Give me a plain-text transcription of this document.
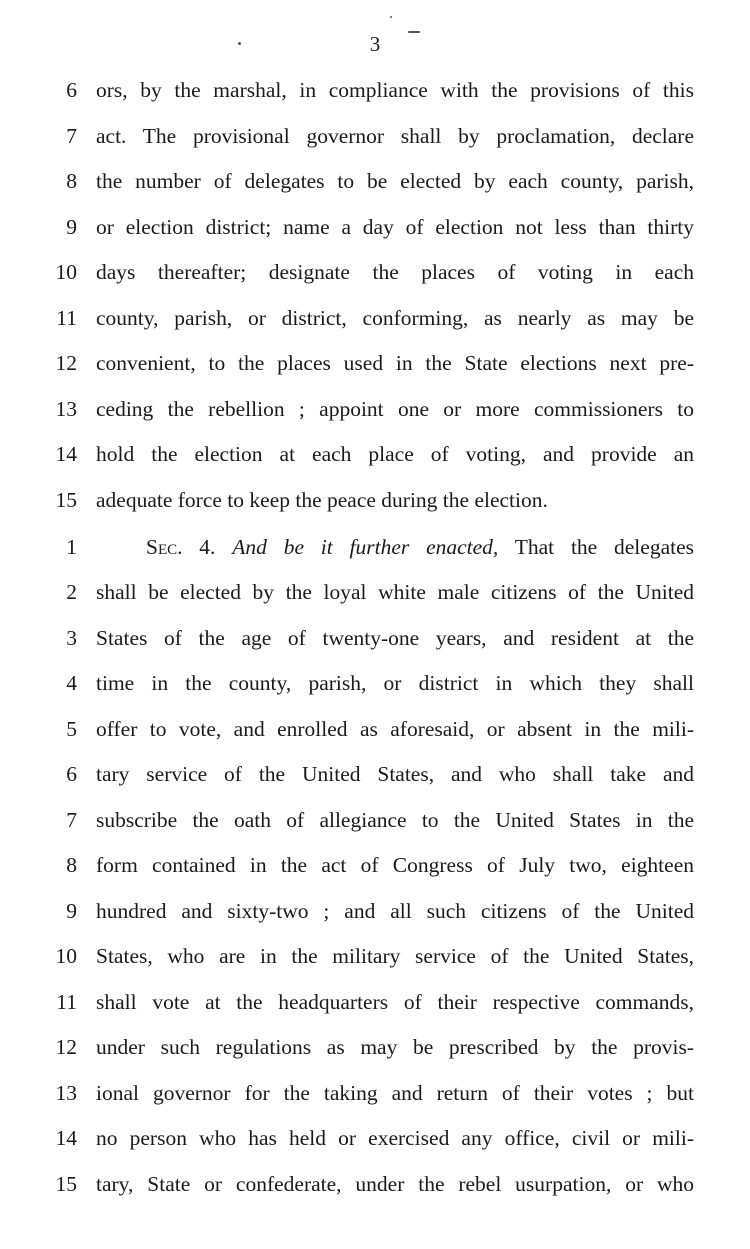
3
6 ors, by the marshal, in compliance with the provisions of this
7 act. The provisional governor shall by proclamation, declare
8 the number of delegates to be elected by each county, parish,
9 or election district; name a day of election not less than thirty
10 days thereafter; designate the places of voting in each
11 county, parish, or district, conforming, as nearly as may be
12 convenient, to the places used in the State elections next pre-
13 ceding the rebellion ; appoint one or more commissioners to
14 hold the election at each place of voting, and provide an
15 adequate force to keep the peace during the election.
1	Sec. 4. And be it further enacted, That the delegates
2 shall be elected by the loyal white male citizens of the United
3 States of the age of twenty-one years, and resident at the
4 time in the county, parish, or district in which they shall
5 offer to vote, and enrolled as aforesaid, or absent in the mili-
6 tary service of the United States, and who shall take and
7 subscribe the oath of allegiance to the United States in the
8 form contained in the act of Congress of July two, eighteen
9 hundred and sixty-two ; and all such citizens of the United
10 States, who are in the military service of the United States,
11 shall vote at the headquarters of their respective commands,
12 under such regulations as may be prescribed by the provis-
13 ional governor for the taking and return of their votes ; but
14 no person who has held or exercised any office, civil or mili-
15 tary, State or confederate, under the rebel usurpation, or who
